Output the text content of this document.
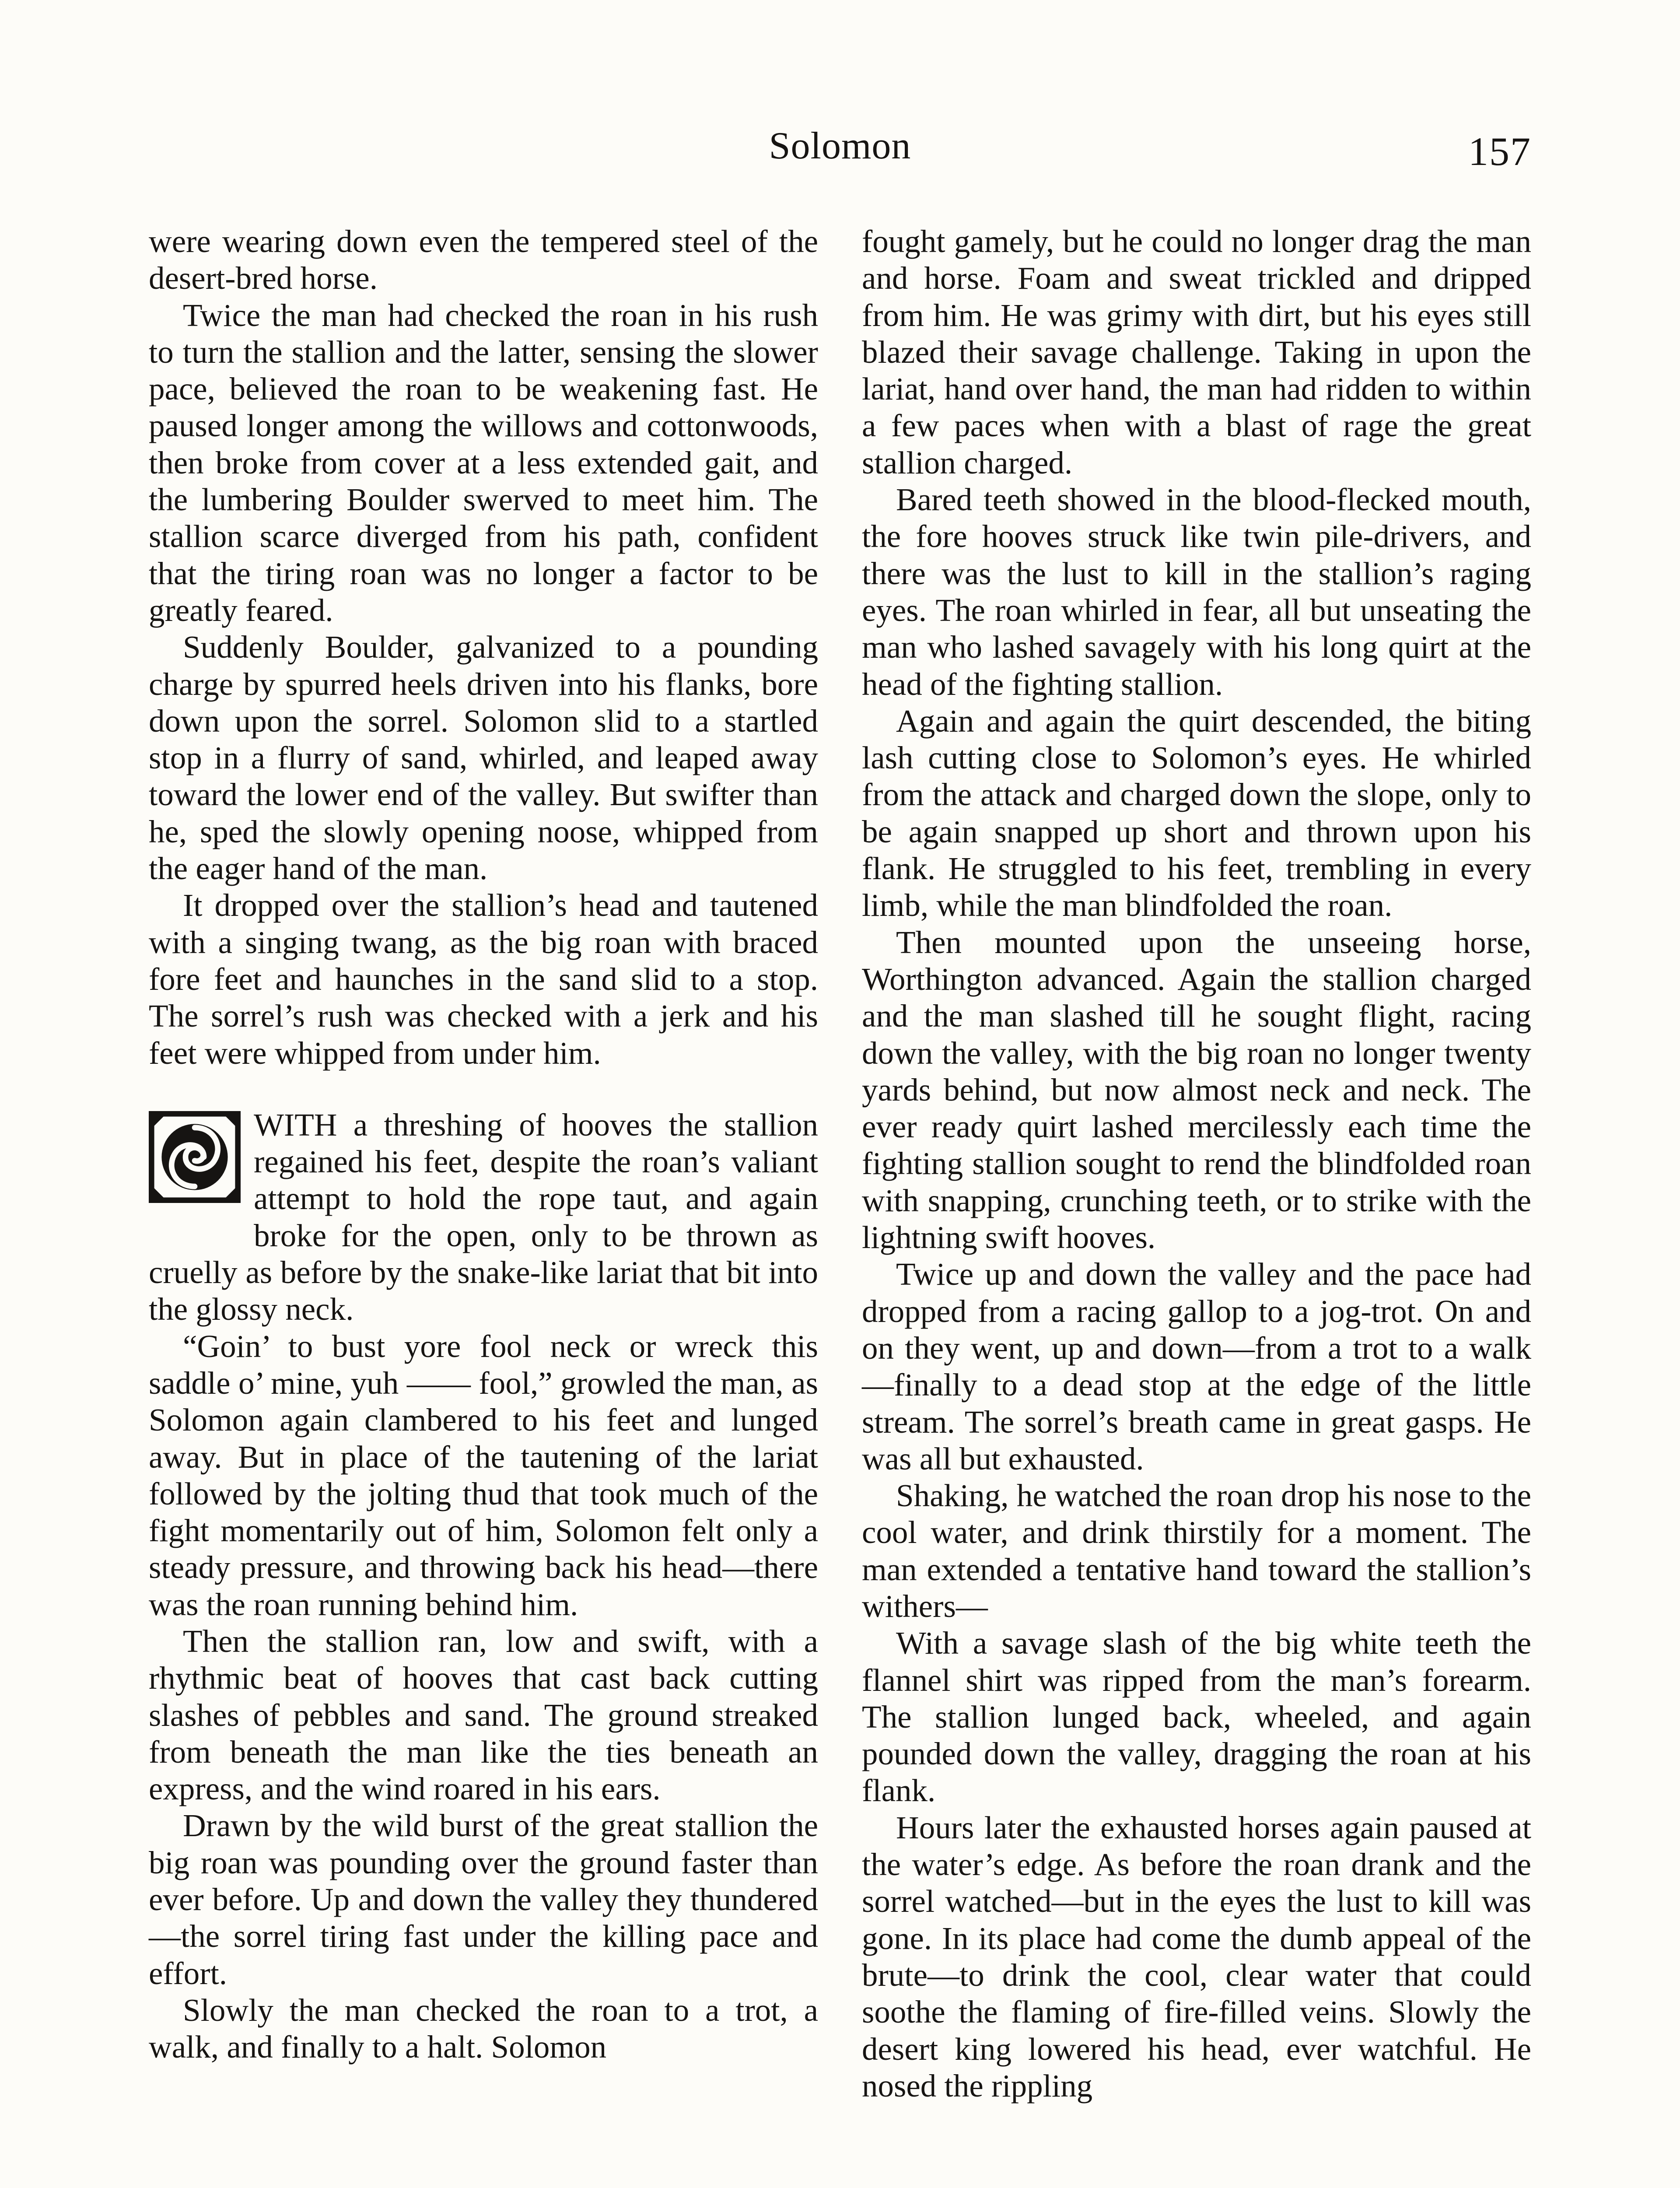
Solomon	157

were wearing down even the tempered steel of the desert-bred horse.

Twice the man had checked the roan in his rush to turn the stallion and the latter, sensing the slower pace, believed the roan to be weakening fast. He paused longer among the willows and cottonwoods, then broke from cover at a less extended gait, and the lumbering Boulder swerved to meet him. The stallion scarce diverged from his path, confident that the tiring roan was no longer a factor to be greatly feared.

Suddenly Boulder, galvanized to a pounding charge by spurred heels driven into his flanks, bore down upon the sorrel. Solomon slid to a startled stop in a flurry of sand, whirled, and leaped away toward the lower end of the valley. But swifter than he, sped the slowly opening noose, whipped from the eager hand of the man.

It dropped over the stallion’s head and tautened with a singing twang, as the big roan with braced fore feet and haunches in the sand slid to a stop. The sorrel’s rush was checked with a jerk and his feet were whipped from under him.

WITH a threshing of hooves the stallion regained his feet, despite the roan’s valiant attempt to hold the rope taut, and again broke for the open, only to be thrown as cruelly as before by the snake-like lariat that bit into the glossy neck.

“Goin’ to bust yore fool neck or wreck this saddle o’ mine, yuh —— fool,” growled the man, as Solomon again clambered to his feet and lunged away. But in place of the tautening of the lariat followed by the jolting thud that took much of the fight momentarily out of him, Solomon felt only a steady pressure, and throwing back his head—there was the roan running behind him.

Then the stallion ran, low and swift, with a rhythmic beat of hooves that cast back cutting slashes of pebbles and sand. The ground streaked from beneath the man like the ties beneath an express, and the wind roared in his ears.

Drawn by the wild burst of the great stallion the big roan was pounding over the ground faster than ever before. Up and down the valley they thundered—the sorrel tiring fast under the killing pace and effort.

Slowly the man checked the roan to a trot, a walk, and finally to a halt. Solomon

fought gamely, but he could no longer drag the man and horse. Foam and sweat trickled and dripped from him. He was grimy with dirt, but his eyes still blazed their savage challenge. Taking in upon the lariat, hand over hand, the man had ridden to within a few paces when with a blast of rage the great stallion charged.

Bared teeth showed in the blood-flecked mouth, the fore hooves struck like twin pile-drivers, and there was the lust to kill in the stallion’s raging eyes. The roan whirled in fear, all but unseating the man who lashed savagely with his long quirt at the head of the fighting stallion.

Again and again the quirt descended, the biting lash cutting close to Solomon’s eyes. He whirled from the attack and charged down the slope, only to be again snapped up short and thrown upon his flank. He struggled to his feet, trembling in every limb, while the man blindfolded the roan.

Then mounted upon the unseeing horse, Worthington advanced. Again the stallion charged and the man slashed till he sought flight, racing down the valley, with the big roan no longer twenty yards behind, but now almost neck and neck. The ever ready quirt lashed mercilessly each time the fighting stallion sought to rend the blindfolded roan with snapping, crunching teeth, or to strike with the lightning swift hooves.

Twice up and down the valley and the pace had dropped from a racing gallop to a jog-trot. On and on they went, up and down—from a trot to a walk—finally to a dead stop at the edge of the little stream. The sorrel’s breath came in great gasps. He was all but exhausted.

Shaking, he watched the roan drop his nose to the cool water, and drink thirstily for a moment. The man extended a tentative hand toward the stallion’s withers—

With a savage slash of the big white teeth the flannel shirt was ripped from the man’s forearm. The stallion lunged back, wheeled, and again pounded down the valley, dragging the roan at his flank.

Hours later the exhausted horses again paused at the water’s edge. As before the roan drank and the sorrel watched—but in the eyes the lust to kill was gone. In its place had come the dumb appeal of the brute—to drink the cool, clear water that could soothe the flaming of fire-filled veins. Slowly the desert king lowered his head, ever watchful. He nosed the rippling
